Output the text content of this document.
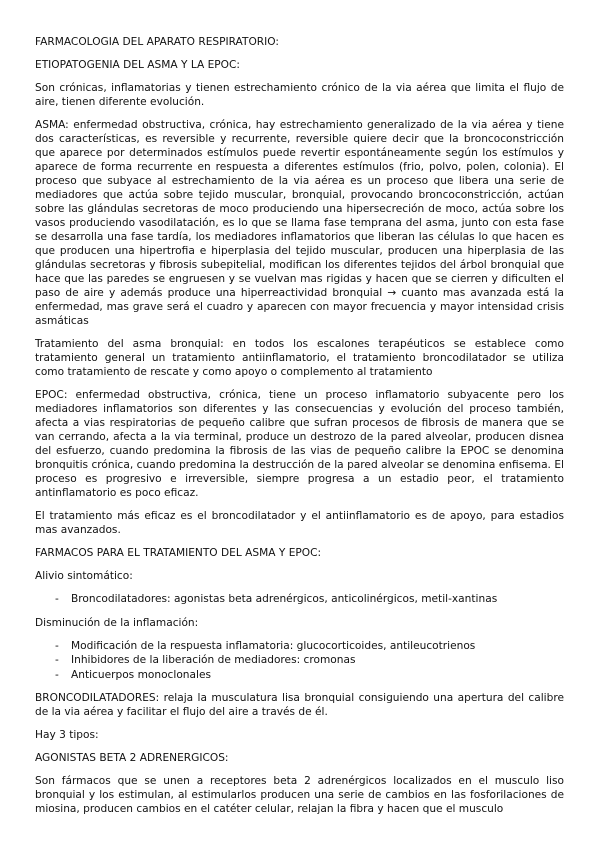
FARMACOLOGIA DEL APARATO RESPIRATORIO:

ETIOPATOGENIA DEL ASMA Y LA EPOC:

Son crónicas, inflamatorias y tienen estrechamiento crónico de la via aérea que limita el flujo de aire, tienen diferente evolución.

ASMA: enfermedad obstructiva, crónica, hay estrechamiento generalizado de la via aérea y tiene dos características, es reversible y recurrente, reversible quiere decir que la broncoconstricción que aparece por determinados estímulos puede revertir espontáneamente según los estímulos y aparece de forma recurrente en respuesta a diferentes estímulos (frio, polvo, polen, colonia). El proceso que subyace al estrechamiento de la via aérea es un proceso que libera una serie de mediadores que actúa sobre tejido muscular, bronquial, provocando broncoconstricción, actúan sobre las glándulas secretoras de moco produciendo una hipersecreción de moco, actúa sobre los vasos produciendo vasodilatación, es lo que se llama fase temprana del asma, junto con esta fase se desarrolla una fase tardía, los mediadores inflamatorios que liberan las células lo que hacen es que producen una hipertrofia e hiperplasia del tejido muscular, producen una hiperplasia de las glándulas secretoras y fibrosis subepitelial, modifican los diferentes tejidos del árbol bronquial que hace que las paredes se engruesen y se vuelvan mas rigidas y hacen que se cierren y dificulten el paso de aire y además produce una hiperreactividad bronquial → cuanto mas avanzada está la enfermedad, mas grave será el cuadro y aparecen con mayor frecuencia y mayor intensidad crisis asmáticas

Tratamiento del asma bronquial: en todos los escalones terapéuticos se establece como tratamiento general un tratamiento antiinflamatorio, el tratamiento broncodilatador se utiliza como tratamiento de rescate y como apoyo o complemento al tratamiento

EPOC: enfermedad obstructiva, crónica, tiene un proceso inflamatorio subyacente pero los mediadores inflamatorios son diferentes y las consecuencias y evolución del proceso también, afecta a vias respiratorias de pequeño calibre que sufran procesos de fibrosis de manera que se van cerrando, afecta a la via terminal, produce un destrozo de la pared alveolar, producen disnea del esfuerzo, cuando predomina la fibrosis de las vias de pequeño calibre la EPOC se denomina bronquitis crónica, cuando predomina la destrucción de la pared alveolar se denomina enfisema. El proceso es progresivo e irreversible, siempre progresa a un estadio peor, el tratamiento antinflamatorio es poco eficaz.

El tratamiento más eficaz es el broncodilatador y el antiinflamatorio es de apoyo, para estadios mas avanzados.

FARMACOS PARA EL TRATAMIENTO DEL ASMA Y EPOC:

Alivio sintomático:

- Broncodilatadores: agonistas beta adrenérgicos, anticolinérgicos, metil-xantinas

Disminución de la inflamación:

- Modificación de la respuesta inflamatoria: glucocorticoides, antileucotrienos
- Inhibidores de la liberación de mediadores: cromonas
- Anticuerpos monoclonales

BRONCODILATADORES: relaja la musculatura lisa bronquial consiguiendo una apertura del calibre de la via aérea y facilitar el flujo del aire a través de él.

Hay 3 tipos:

AGONISTAS BETA 2 ADRENERGICOS:

Son fármacos que se unen a receptores beta 2 adrenérgicos localizados en el musculo liso bronquial y los estimulan, al estimularlos producen una serie de cambios en las fosforilaciones de miosina, producen cambios en el catéter celular, relajan la fibra y hacen que el musculo
